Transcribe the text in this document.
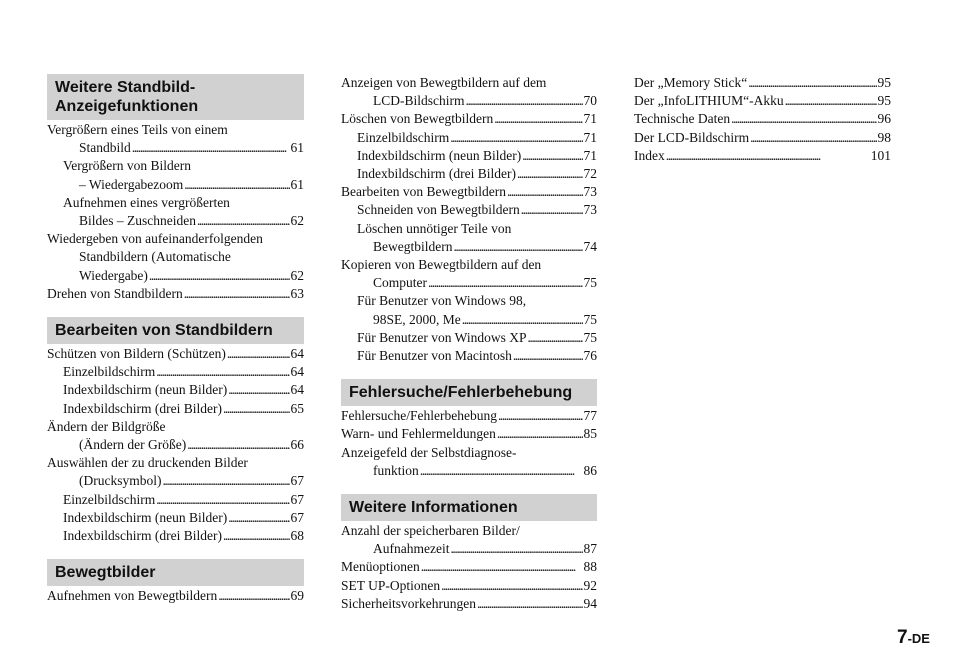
Weitere Standbild-
Anzeigefunktionen
Vergrößern eines Teils von einem
Standbild . . .	61
Vergrößern von Bildern
– Wiedergabezoom . . .	61
Aufnehmen eines vergrößerten
Bildes – Zuschneiden . . .	62
Wiedergeben von aufeinanderfolgenden
Standbildern (Automatische
Wiedergabe) . . .	62
Drehen von Standbildern . . .	63
Bearbeiten von Standbildern
Schützen von Bildern (Schützen) . . .	64
Einzelbildschirm . . .	64
Indexbildschirm (neun Bilder) . . .	64
Indexbildschirm (drei Bilder) . . .	65
Ändern der Bildgröße
(Ändern der Größe) . . .	66
Auswählen der zu druckenden Bilder
(Drucksymbol) . . .	67
Einzelbildschirm . . .	67
Indexbildschirm (neun Bilder) . . .	67
Indexbildschirm (drei Bilder) . . .	68
Bewegtbilder
Aufnehmen von Bewegtbildern . . .	69
Anzeigen von Bewegtbildern auf dem
LCD-Bildschirm . . .	70
Löschen von Bewegtbildern . . .	71
Einzelbildschirm . . .	71
Indexbildschirm (neun Bilder) . . .	71
Indexbildschirm (drei Bilder) . . .	72
Bearbeiten von Bewegtbildern . . .	73
Schneiden von Bewegtbildern . . .	73
Löschen unnötiger Teile von
Bewegtbildern . . .	74
Kopieren von Bewegtbildern auf den
Computer . . .	75
Für Benutzer von Windows 98,
98SE, 2000, Me . . .	75
Für Benutzer von Windows XP . . .	75
Für Benutzer von Macintosh . . .	76
Fehlersuche/Fehlerbehebung
Fehlersuche/Fehlerbehebung . . .	77
Warn- und Fehlermeldungen . . .	85
Anzeigefeld der Selbstdiagnose-
funktion . . .	86
Weitere Informationen
Anzahl der speicherbaren Bilder/
Aufnahmezeit . . .	87
Menüoptionen . . .	88
SET UP-Optionen . . .	92
Sicherheitsvorkehrungen . . .	94
Der „Memory Stick“ . . .	95
Der „InfoLITHIUM“-Akku . . .	95
Technische Daten . . .	96
Der LCD-Bildschirm . . .	98
Index . . .	101
7-DE
